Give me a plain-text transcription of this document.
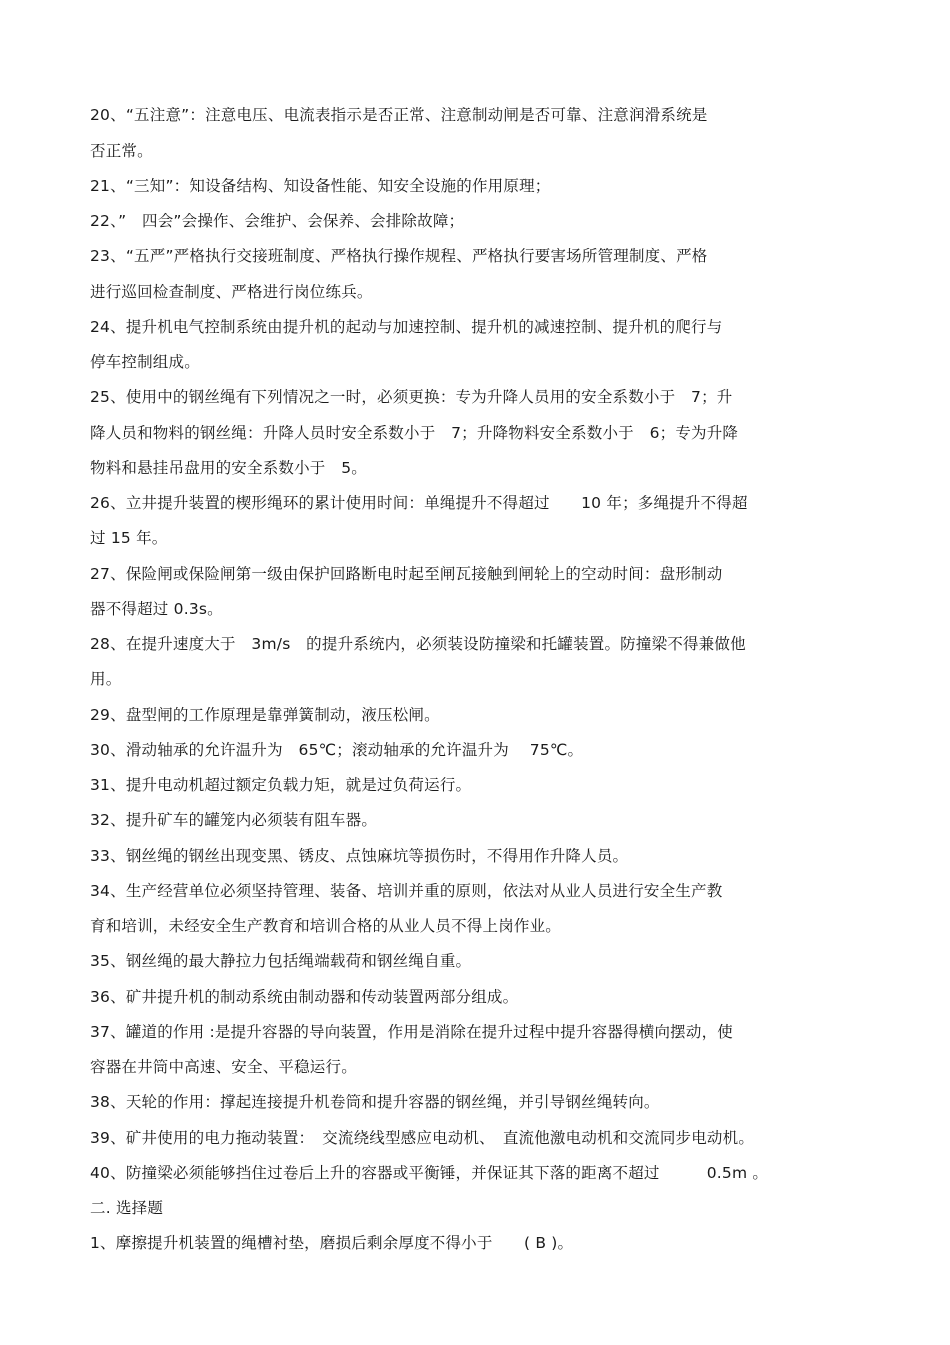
20、“五注意”：注意电压、电流表指示是否正常、注意制动闸是否可靠、注意润滑系统是
否正常。
21、“三知”：知设备结构、知设备性能、知安全设施的作用原理；
22、”　四会”会操作、会维护、会保养、会排除故障；
23、“五严”严格执行交接班制度、严格执行操作规程、严格执行要害场所管理制度、严格
进行巡回检查制度、严格进行岗位练兵。
24、提升机电气控制系统由提升机的起动与加速控制、提升机的减速控制、提升机的爬行与
停车控制组成。
25、使用中的钢丝绳有下列情况之一时，必须更换：专为升降人员用的安全系数小于　7；升
降人员和物料的钢丝绳：升降人员时安全系数小于　7；升降物料安全系数小于　6；专为升降
物料和悬挂吊盘用的安全系数小于　5。
26、立井提升装置的楔形绳环的累计使用时间：单绳提升不得超过　　10 年；多绳提升不得超
过 15 年。
27、保险闸或保险闸第一级由保护回路断电时起至闸瓦接触到闸轮上的空动时间：盘形制动
器不得超过 0.3s。
28、在提升速度大于　3m/s　的提升系统内，必须装设防撞梁和托罐装置。防撞梁不得兼做他
用。
29、盘型闸的工作原理是靠弹簧制动，液压松闸。
30、滑动轴承的允许温升为　65℃；滚动轴承的允许温升为　 75℃。
31、提升电动机超过额定负载力矩，就是过负荷运行。
32、提升矿车的罐笼内必须装有阻车器。
33、钢丝绳的钢丝出现变黑、锈皮、点蚀麻坑等损伤时，不得用作升降人员。
34、生产经营单位必须坚持管理、装备、培训并重的原则，依法对从业人员进行安全生产教
育和培训，未经安全生产教育和培训合格的从业人员不得上岗作业。
35、钢丝绳的最大静拉力包括绳端载荷和钢丝绳自重。
36、矿井提升机的制动系统由制动器和传动装置两部分组成。
37、罐道的作用 :是提升容器的导向装置，作用是消除在提升过程中提升容器得横向摆动，使
容器在井筒中高速、安全、平稳运行。
38、天轮的作用：撑起连接提升机卷筒和提升容器的钢丝绳，并引导钢丝绳转向。
39、矿井使用的电力拖动装置：　交流绕线型感应电动机、　直流他激电动机和交流同步电动机。
40、防撞梁必须能够挡住过卷后上升的容器或平衡锤，并保证其下落的距离不超过　　　0.5m 。
二. 选择题
1、摩擦提升机装置的绳槽衬垫，磨损后剩余厚度不得小于　　( B )。
